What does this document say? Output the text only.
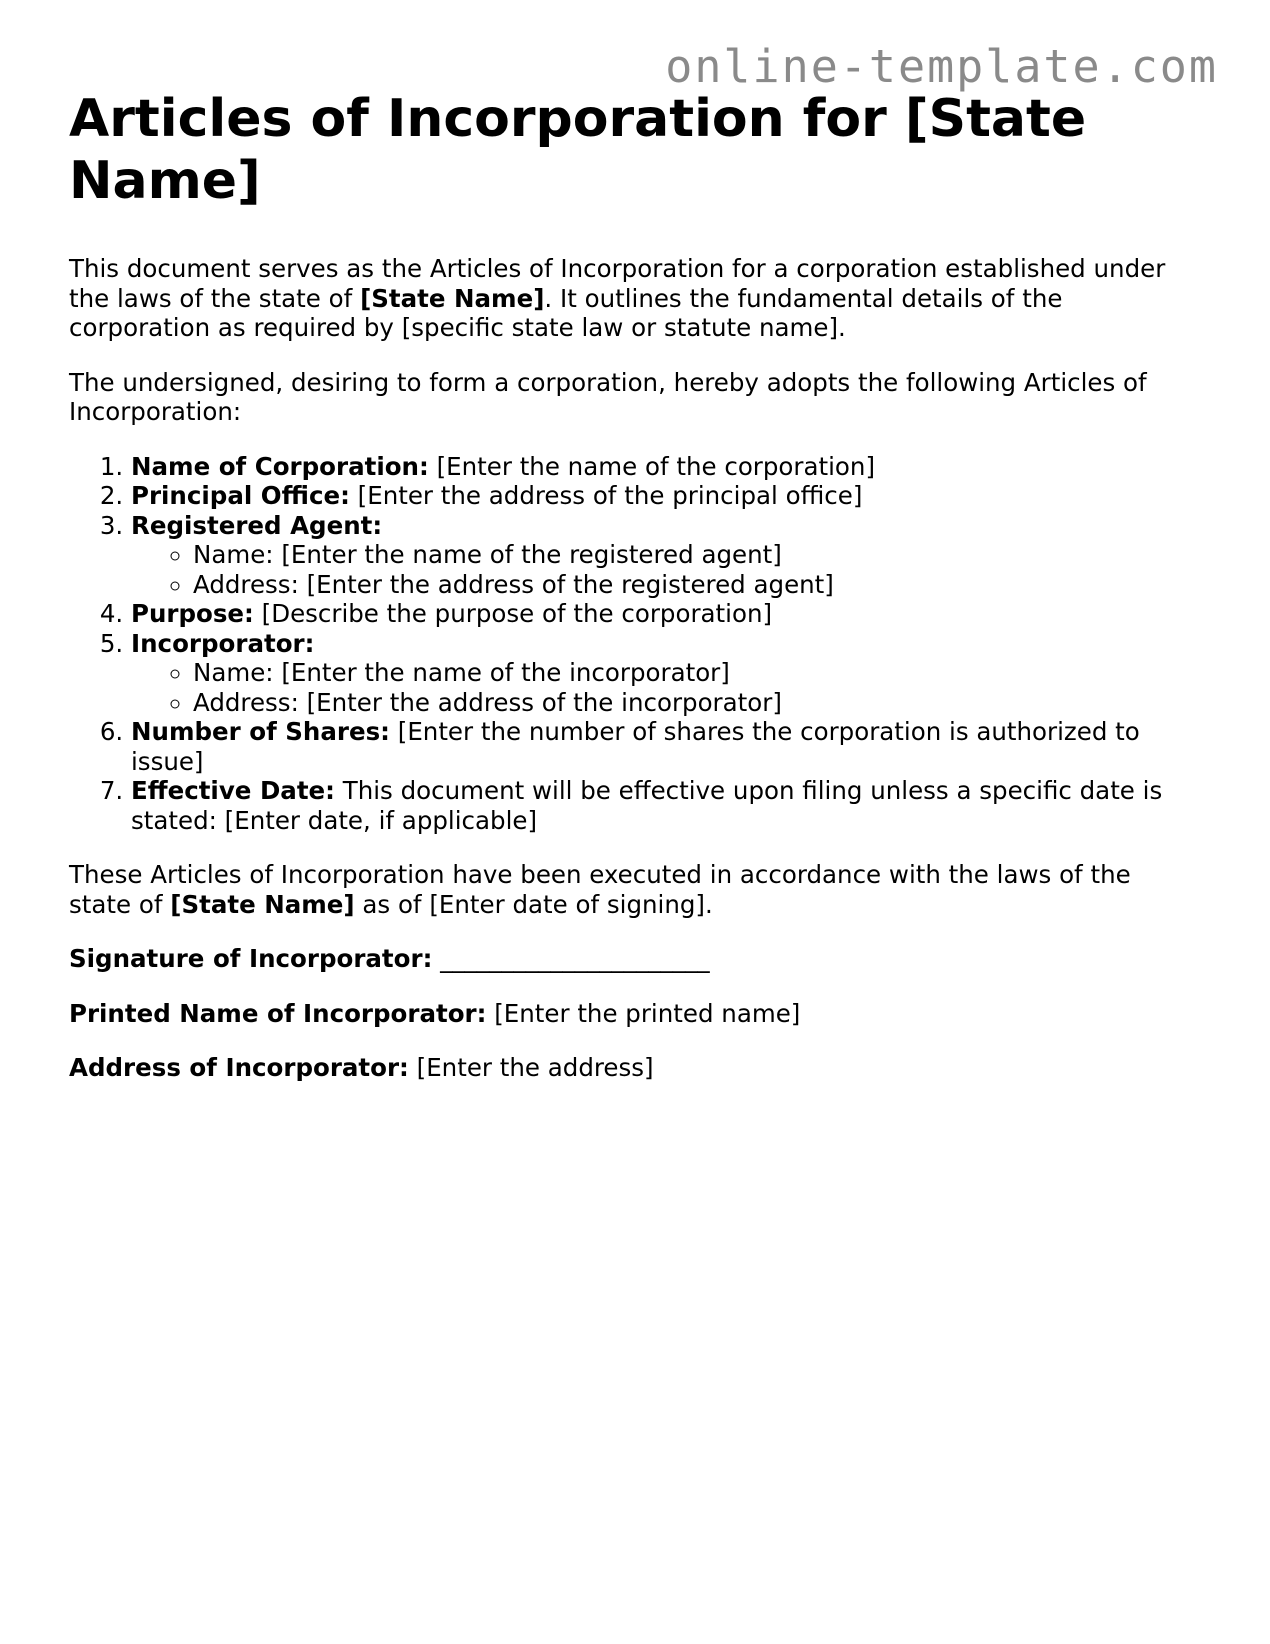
online-template.com
Articles of Incorporation for [State Name]

This document serves as the Articles of Incorporation for a corporation established under the laws of the state of [State Name]. It outlines the fundamental details of the corporation as required by [specific state law or statute name].

The undersigned, desiring to form a corporation, hereby adopts the following Articles of Incorporation:

1. Name of Corporation: [Enter the name of the corporation]
2. Principal Office: [Enter the address of the principal office]
3. Registered Agent:
◦ Name: [Enter the name of the registered agent]
◦ Address: [Enter the address of the registered agent]
4. Purpose: [Describe the purpose of the corporation]
5. Incorporator:
◦ Name: [Enter the name of the incorporator]
◦ Address: [Enter the address of the incorporator]
6. Number of Shares: [Enter the number of shares the corporation is authorized to issue]
7. Effective Date: This document will be effective upon filing unless a specific date is stated: [Enter date, if applicable]

These Articles of Incorporation have been executed in accordance with the laws of the state of [State Name] as of [Enter date of signing].

Signature of Incorporator: ______________________

Printed Name of Incorporator: [Enter the printed name]

Address of Incorporator: [Enter the address]
